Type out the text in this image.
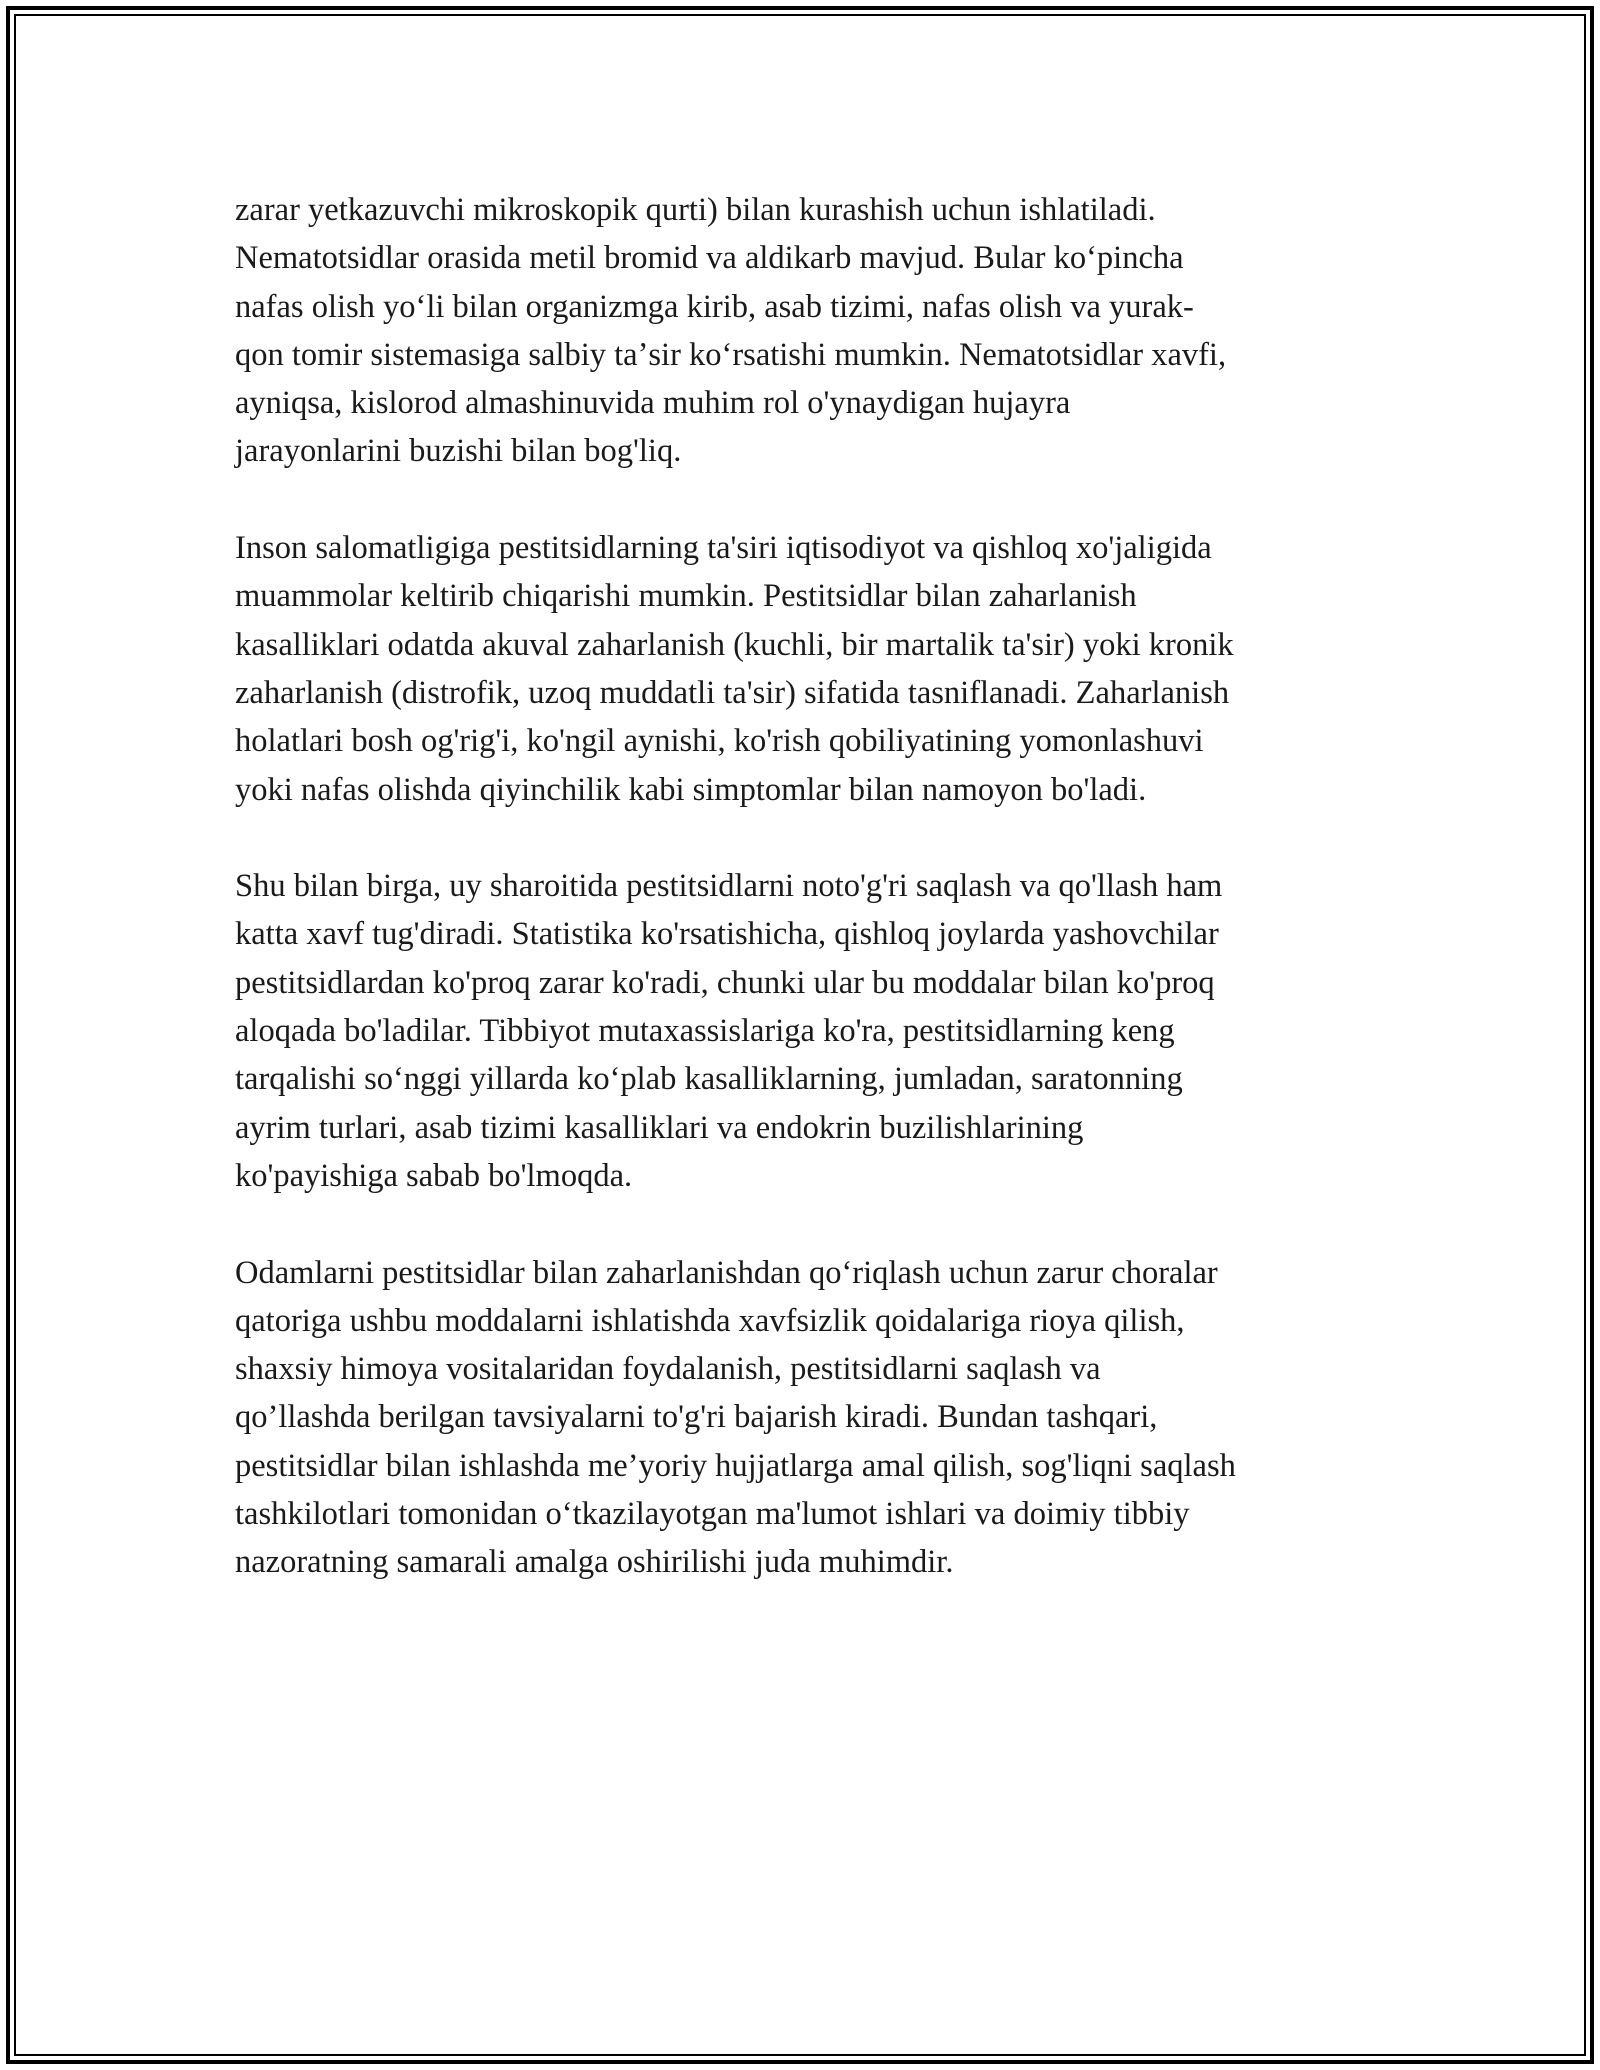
zarar yetkazuvchi mikroskopik qurti) bilan kurashish uchun ishlatiladi.
Nematotsidlar orasida metil bromid va aldikarb mavjud. Bular koʻpincha
nafas olish yoʻli bilan organizmga kirib, asab tizimi, nafas olish va yurak-
qon tomir sistemasiga salbiy taʼsir koʻrsatishi mumkin. Nematotsidlar xavfi,
ayniqsa, kislorod almashinuvida muhim rol o'ynaydigan hujayra
jarayonlarini buzishi bilan bog'liq.

Inson salomatligiga pestitsidlarning ta'siri iqtisodiyot va qishloq xo'jaligida
muammolar keltirib chiqarishi mumkin. Pestitsidlar bilan zaharlanish
kasalliklari odatda akuval zaharlanish (kuchli, bir martalik ta'sir) yoki kronik
zaharlanish (distrofik, uzoq muddatli ta'sir) sifatida tasniflanadi. Zaharlanish
holatlari bosh og'rig'i, ko'ngil aynishi, ko'rish qobiliyatining yomonlashuvi
yoki nafas olishda qiyinchilik kabi simptomlar bilan namoyon bo'ladi.

Shu bilan birga, uy sharoitida pestitsidlarni noto'g'ri saqlash va qo'llash ham
katta xavf tug'diradi. Statistika ko'rsatishicha, qishloq joylarda yashovchilar
pestitsidlardan ko'proq zarar ko'radi, chunki ular bu moddalar bilan ko'proq
aloqada bo'ladilar. Tibbiyot mutaxassislariga ko'ra, pestitsidlarning keng
tarqalishi soʻnggi yillarda koʻplab kasalliklarning, jumladan, saratonning
ayrim turlari, asab tizimi kasalliklari va endokrin buzilishlarining
ko'payishiga sabab bo'lmoqda.

Odamlarni pestitsidlar bilan zaharlanishdan qoʻriqlash uchun zarur choralar
qatoriga ushbu moddalarni ishlatishda xavfsizlik qoidalariga rioya qilish,
shaxsiy himoya vositalaridan foydalanish, pestitsidlarni saqlash va
qo’llashda berilgan tavsiyalarni to'g'ri bajarish kiradi. Bundan tashqari,
pestitsidlar bilan ishlashda me’yoriy hujjatlarga amal qilish, sog'liqni saqlash
tashkilotlari tomonidan oʻtkazilayotgan ma'lumot ishlari va doimiy tibbiy
nazoratning samarali amalga oshirilishi juda muhimdir.
